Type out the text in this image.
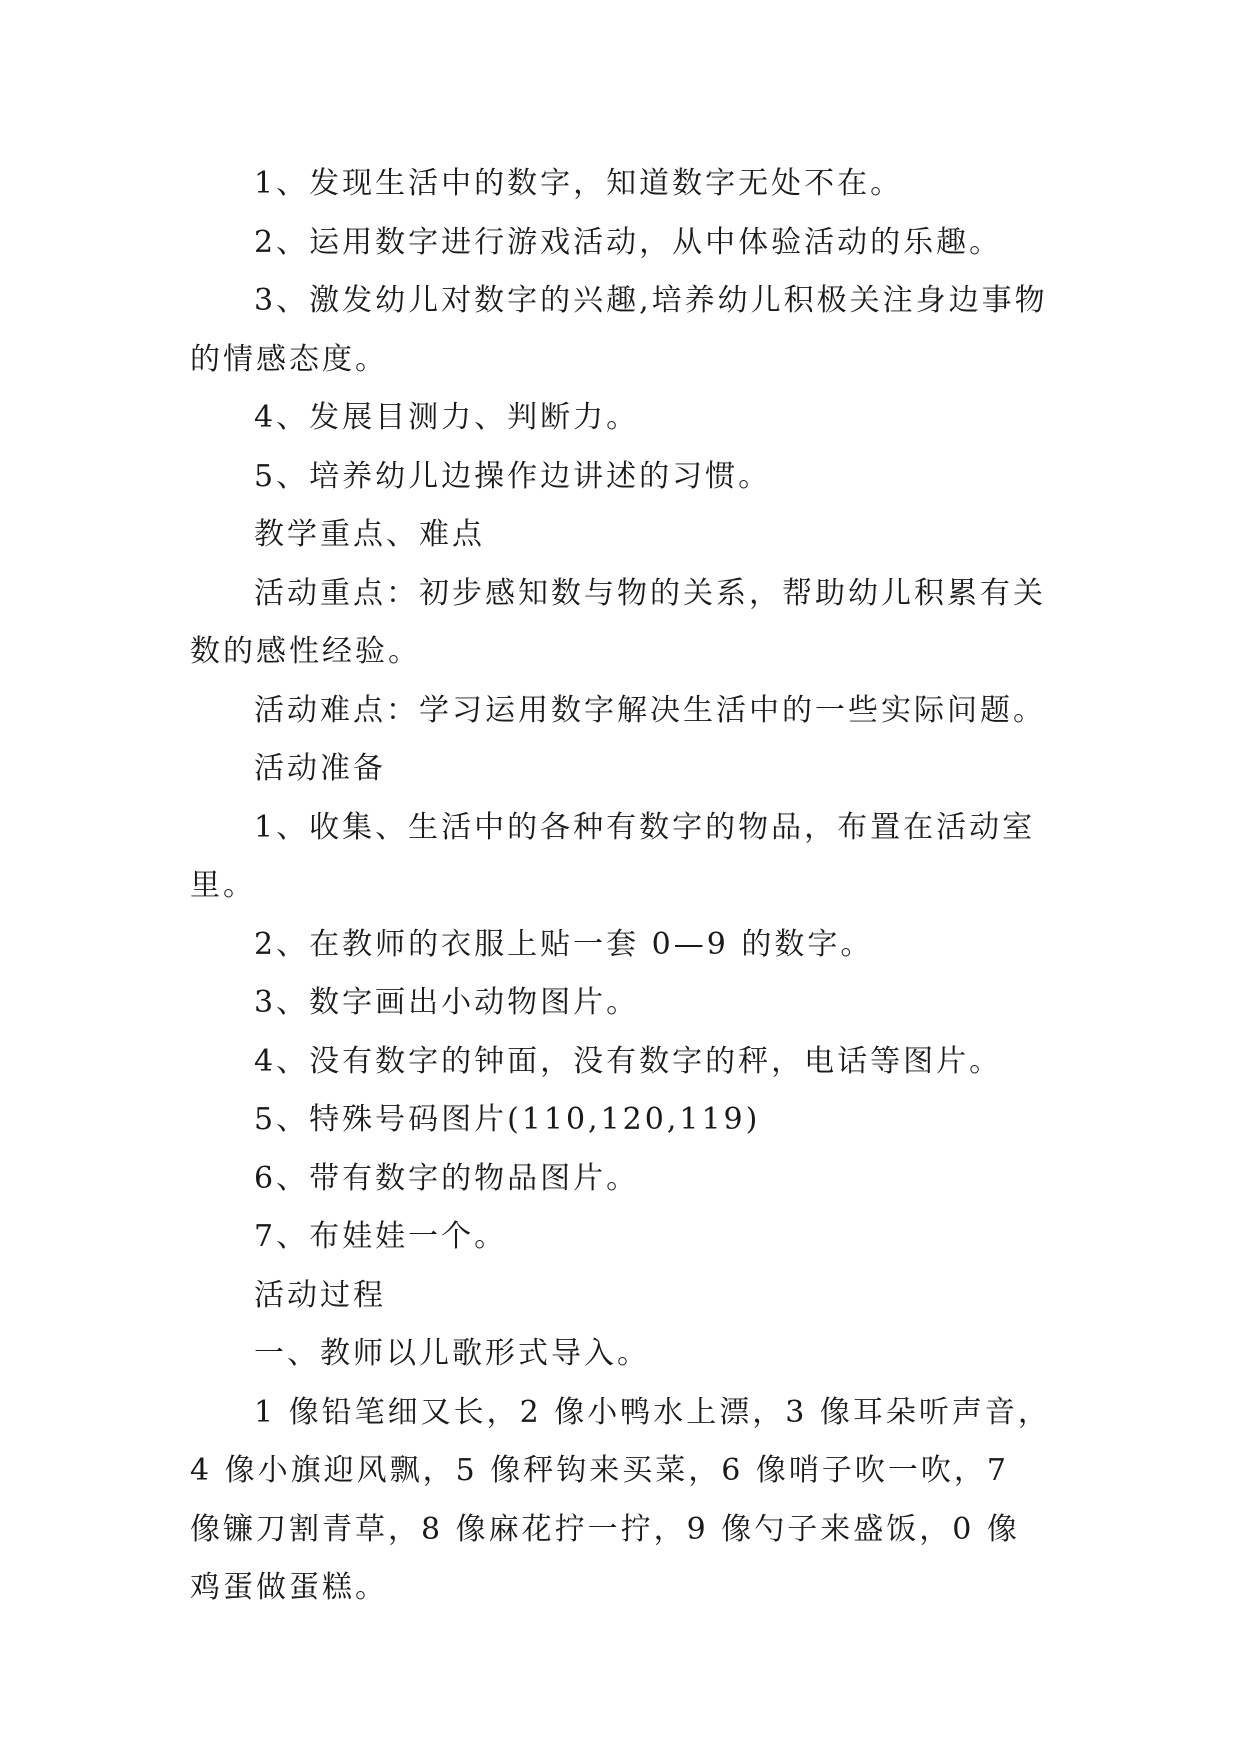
1、发现生活中的数字，知道数字无处不在。

2、运用数字进行游戏活动，从中体验活动的乐趣。

3、激发幼儿对数字的兴趣,培养幼儿积极关注身边事物的情感态度。

4、发展目测力、判断力。

5、培养幼儿边操作边讲述的习惯。

教学重点、难点

活动重点：初步感知数与物的关系，帮助幼儿积累有关数的感性经验。

活动难点：学习运用数字解决生活中的一些实际问题。

活动准备

1、收集、生活中的各种有数字的物品，布置在活动室里。

2、在教师的衣服上贴一套 0—9 的数字。

3、数字画出小动物图片。

4、没有数字的钟面，没有数字的秤，电话等图片。

5、特殊号码图片(110,120,119)

6、带有数字的物品图片。

7、布娃娃一个。

活动过程

一、教师以儿歌形式导入。

1 像铅笔细又长，2 像小鸭水上漂，3 像耳朵听声音，4 像小旗迎风飘，5 像秤钩来买菜，6 像哨子吹一吹，7 像镰刀割青草，8 像麻花拧一拧，9 像勺子来盛饭，0 像鸡蛋做蛋糕。
